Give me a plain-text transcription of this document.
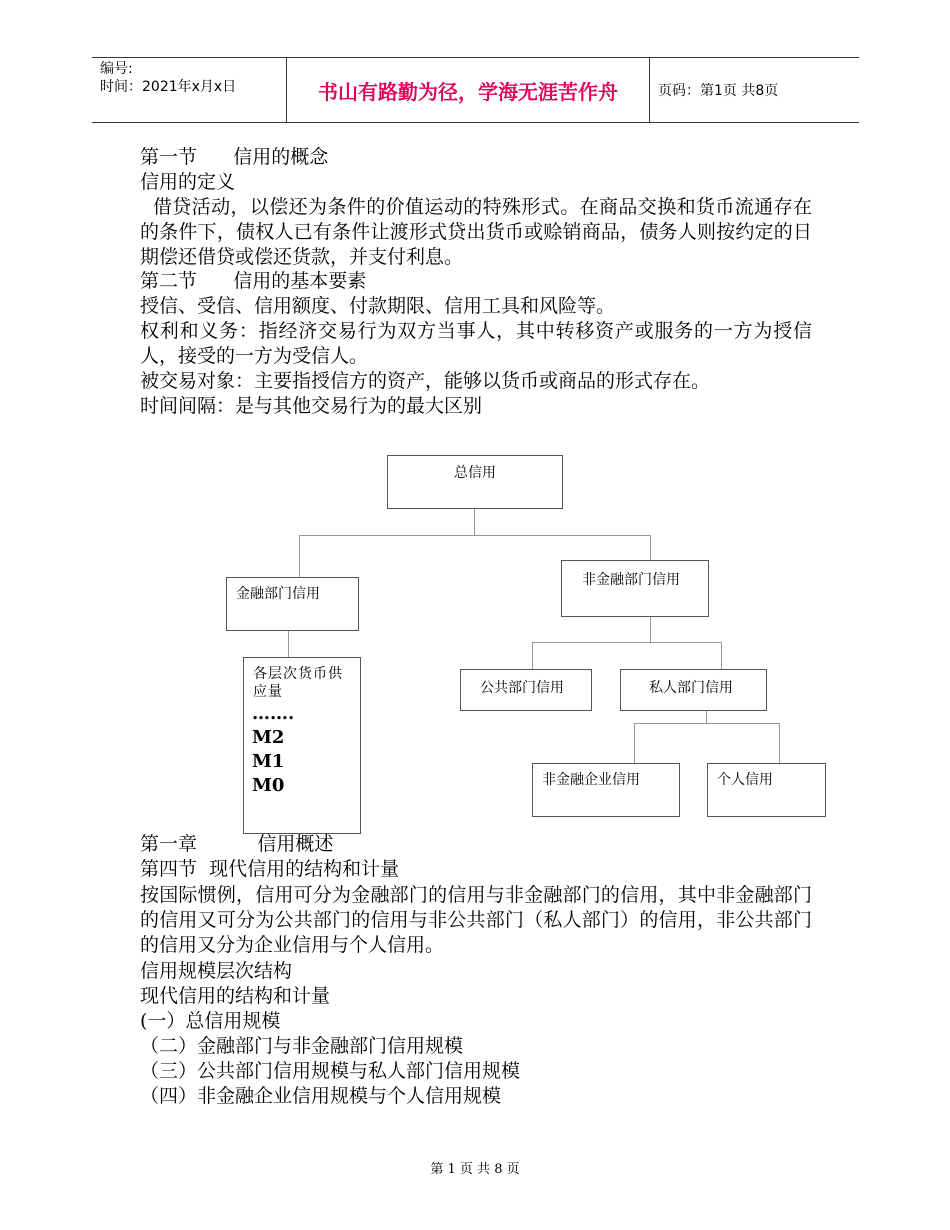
编号:
时间：2021年x月x日	书山有路勤为径，学海无涯苦作舟	页码：第1页 共8页
第一节      信用的概念
信用的定义
借贷活动，以偿还为条件的价值运动的特殊形式。在商品交换和货币流通存在的条件下，债权人已有条件让渡形式贷出货币或赊销商品，债务人则按约定的日期偿还借贷或偿还货款，并支付利息。
第二节      信用的基本要素
授信、受信、信用额度、付款期限、信用工具和风险等。
权利和义务：指经济交易行为双方当事人，其中转移资产或服务的一方为授信人，接受的一方为受信人。
被交易对象：主要指授信方的资产，能够以货币或商品的形式存在。
时间间隔：是与其他交易行为的最大区别
总信用
金融部门信用
非金融部门信用
公共部门信用	私人部门信用
非金融企业信用	个人信用
各层次货币供应量
…….
M2
M1
M0
第一章          信用概述
第四节  现代信用的结构和计量
按国际惯例，信用可分为金融部门的信用与非金融部门的信用，其中非金融部门的信用又可分为公共部门的信用与非公共部门（私人部门）的信用，非公共部门的信用又分为企业信用与个人信用。
信用规模层次结构
现代信用的结构和计量
(一）总信用规模
（二）金融部门与非金融部门信用规模
（三）公共部门信用规模与私人部门信用规模
（四）非金融企业信用规模与个人信用规模
第 1 页 共 8 页
